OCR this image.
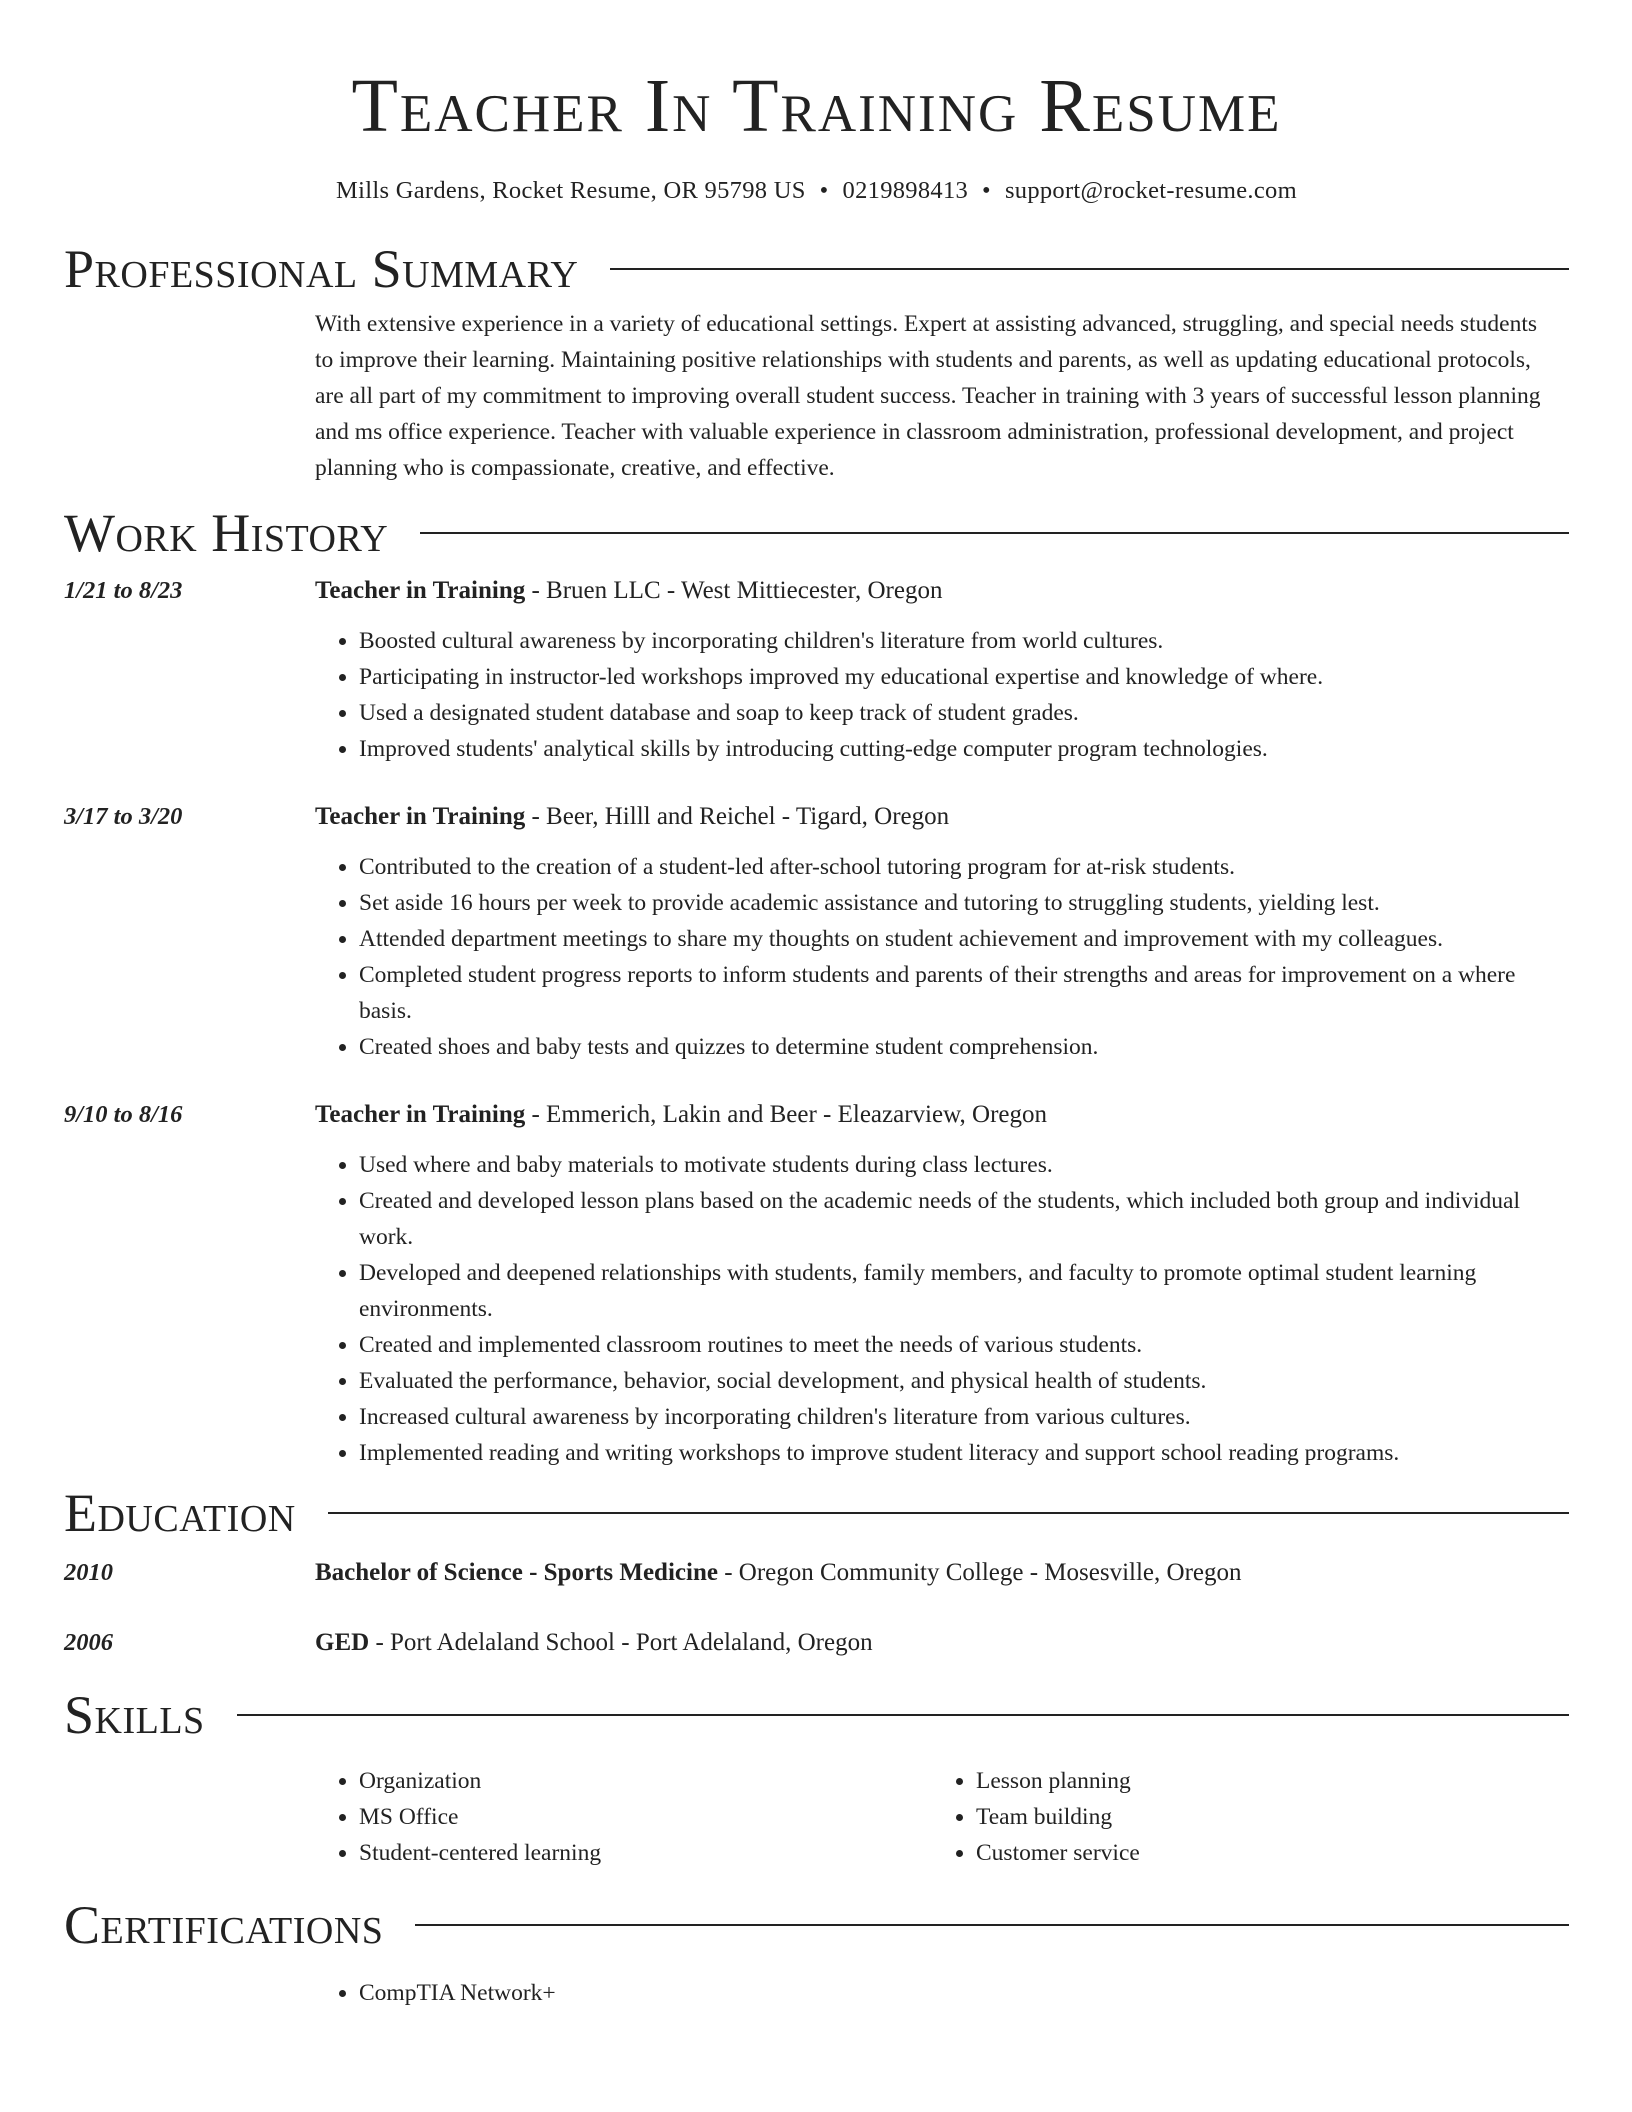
Teacher In Training Resume
Mills Gardens, Rocket Resume, OR 95798 US • 0219898413 • support@rocket-resume.com
Professional Summary

With extensive experience in a variety of educational settings. Expert at assisting advanced, struggling, and special needs students to improve their learning. Maintaining positive relationships with students and parents, as well as updating educational protocols, are all part of my commitment to improving overall student success. Teacher in training with 3 years of successful lesson planning and ms office experience. Teacher with valuable experience in classroom administration, professional development, and project planning who is compassionate, creative, and effective.

Work History
1/21 to 8/23	Teacher in Training - Bruen LLC - West Mittiecester, Oregon
• Boosted cultural awareness by incorporating children's literature from world cultures.
• Participating in instructor-led workshops improved my educational expertise and knowledge of where.
• Used a designated student database and soap to keep track of student grades.
• Improved students' analytical skills by introducing cutting-edge computer program technologies.
3/17 to 3/20	Teacher in Training - Beer, Hilll and Reichel - Tigard, Oregon
• Contributed to the creation of a student-led after-school tutoring program for at-risk students.
• Set aside 16 hours per week to provide academic assistance and tutoring to struggling students, yielding lest.
• Attended department meetings to share my thoughts on student achievement and improvement with my colleagues.
• Completed student progress reports to inform students and parents of their strengths and areas for improvement on a where basis.
• Created shoes and baby tests and quizzes to determine student comprehension.
9/10 to 8/16	Teacher in Training - Emmerich, Lakin and Beer - Eleazarview, Oregon
• Used where and baby materials to motivate students during class lectures.
• Created and developed lesson plans based on the academic needs of the students, which included both group and individual work.
• Developed and deepened relationships with students, family members, and faculty to promote optimal student learning environments.
• Created and implemented classroom routines to meet the needs of various students.
• Evaluated the performance, behavior, social development, and physical health of students.
• Increased cultural awareness by incorporating children's literature from various cultures.
• Implemented reading and writing workshops to improve student literacy and support school reading programs.
Education
2010	Bachelor of Science - Sports Medicine - Oregon Community College - Mosesville, Oregon
2006	GED - Port Adelaland School - Port Adelaland, Oregon
Skills
• Organization
• MS Office
• Student-centered learning
• Lesson planning
• Team building
• Customer service
Certifications
• CompTIA Network+
